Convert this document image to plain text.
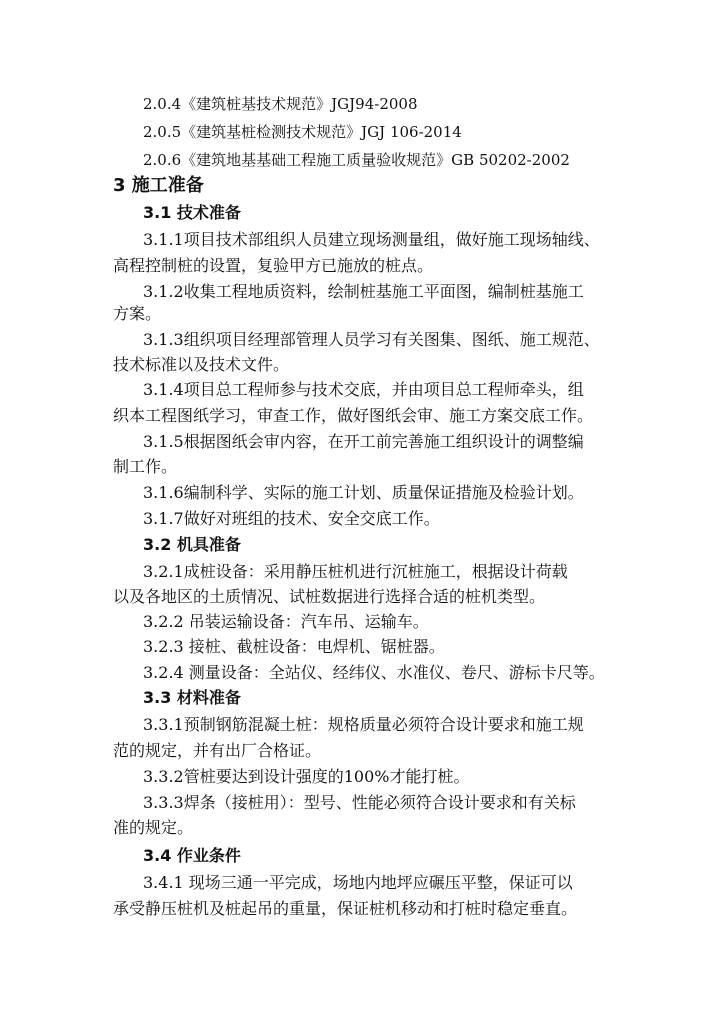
2.0.4《建筑桩基技术规范》JGJ94-2008
2.0.5《建筑基桩检测技术规范》JGJ 106-2014
2.0.6《建筑地基基础工程施工质量验收规范》GB 50202-2002
3 施工准备
3.1 技术准备
3.1.1项目技术部组织人员建立现场测量组，做好施工现场轴线、
高程控制桩的设置，复验甲方已施放的桩点。
3.1.2收集工程地质资料，绘制桩基施工平面图，编制桩基施工
方案。
3.1.3组织项目经理部管理人员学习有关图集、图纸、施工规范、
技术标准以及技术文件。
3.1.4项目总工程师参与技术交底，并由项目总工程师牵头，组
织本工程图纸学习，审查工作，做好图纸会审、施工方案交底工作。
3.1.5根据图纸会审内容，在开工前完善施工组织设计的调整编
制工作。
3.1.6编制科学、实际的施工计划、质量保证措施及检验计划。
3.1.7做好对班组的技术、安全交底工作。
3.2 机具准备
3.2.1成桩设备：采用静压桩机进行沉桩施工，根据设计荷载
以及各地区的土质情况、试桩数据进行选择合适的桩机类型。
3.2.2 吊装运输设备：汽车吊、运输车。
3.2.3 接桩、截桩设备：电焊机、锯桩器。
3.2.4 测量设备：全站仪、经纬仪、水准仪、卷尺、游标卡尺等。
3.3 材料准备
3.3.1预制钢筋混凝土桩：规格质量必须符合设计要求和施工规
范的规定，并有出厂合格证。
3.3.2管桩要达到设计强度的100%才能打桩。
3.3.3焊条（接桩用）：型号、性能必须符合设计要求和有关标
准的规定。
3.4 作业条件
3.4.1 现场三通一平完成，场地内地坪应碾压平整，保证可以
承受静压桩机及桩起吊的重量，保证桩机移动和打桩时稳定垂直。
